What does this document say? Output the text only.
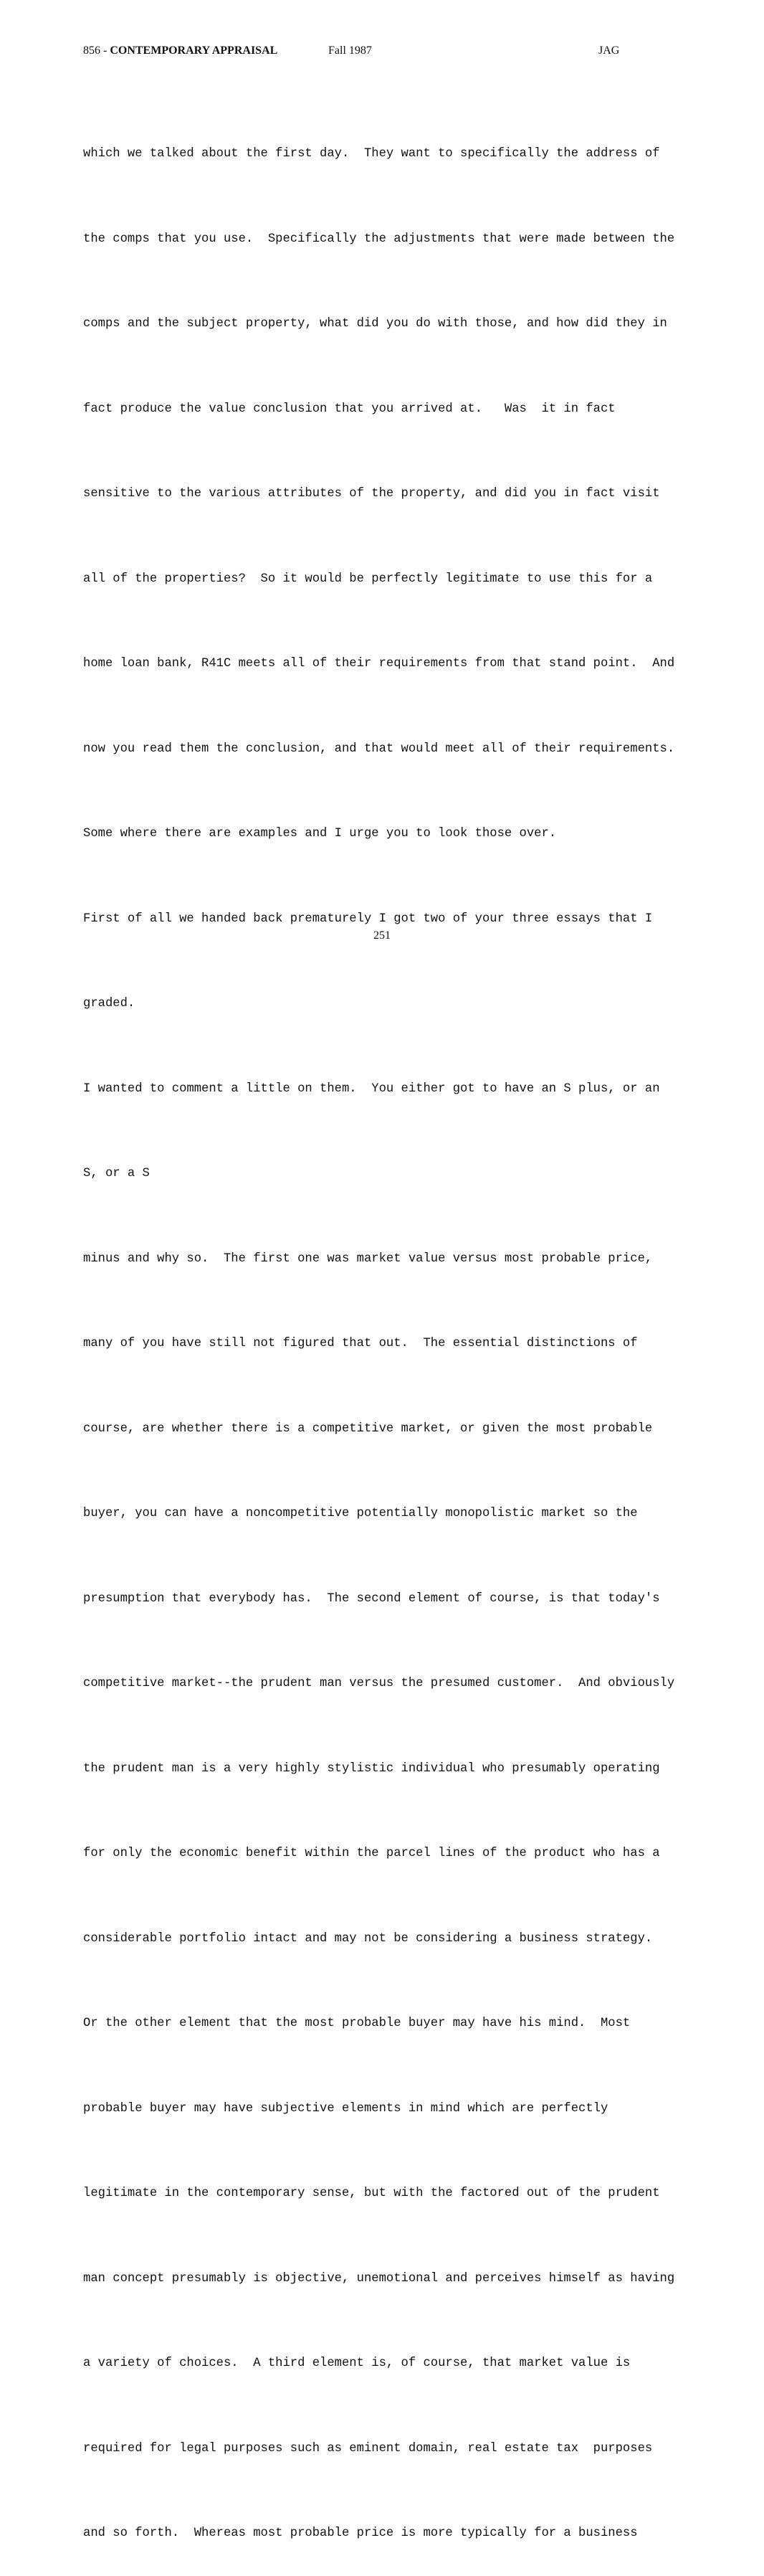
856 - CONTEMPORARY APPRAISAL	Fall 1987	JAG

which we talked about the first day.  They want to specifically the address of

the comps that you use.  Specifically the adjustments that were made between the

comps and the subject property, what did you do with those, and how did they in

fact produce the value conclusion that you arrived at.   Was  it in fact

sensitive to the various attributes of the property, and did you in fact visit

all of the properties?  So it would be perfectly legitimate to use this for a

home loan bank, R41C meets all of their requirements from that stand point.  And

now you read them the conclusion, and that would meet all of their requirements.

Some where there are examples and I urge you to look those over.

First of all we handed back prematurely I got two of your three essays that I

graded.

I wanted to comment a little on them.  You either got to have an S plus, or an

S, or a S

minus and why so.  The first one was market value versus most probable price,

many of you have still not figured that out.  The essential distinctions of

course, are whether there is a competitive market, or given the most probable

buyer, you can have a noncompetitive potentially monopolistic market so the

presumption that everybody has.  The second element of course, is that today's

competitive market--the prudent man versus the presumed customer.  And obviously

the prudent man is a very highly stylistic individual who presumably operating

for only the economic benefit within the parcel lines of the product who has a

considerable portfolio intact and may not be considering a business strategy.

Or the other element that the most probable buyer may have his mind.  Most

probable buyer may have subjective elements in mind which are perfectly

legitimate in the contemporary sense, but with the factored out of the prudent

man concept presumably is objective, unemotional and perceives himself as having

a variety of choices.  A third element is, of course, that market value is

required for legal purposes such as eminent domain, real estate tax  purposes

and so forth.  Whereas most probable price is more typically for a business

251
